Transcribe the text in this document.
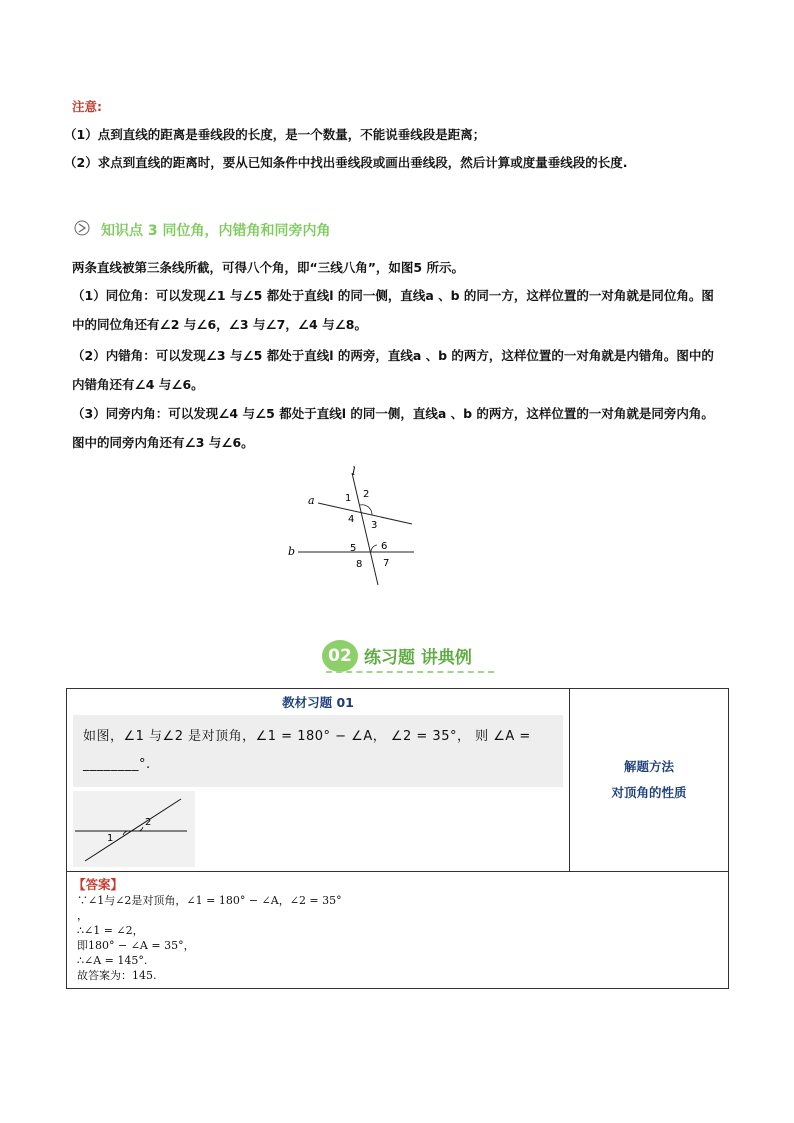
注意:
（1）点到直线的距离是垂线段的长度，是一个数量，不能说垂线段是距离；
（2）求点到直线的距离时，要从已知条件中找出垂线段或画出垂线段，然后计算或度量垂线段的长度.
知识点 3 同位角，内错角和同旁内角
两条直线被第三条线所截，可得八个角，即“三线八角”，如图5 所示。
（1）同位角：可以发现∠1 与∠5 都处于直线l 的同一侧，直线a 、b 的同一方，这样位置的一对角就是同位角。图中的同位角还有∠2 与∠6，∠3 与∠7，∠4 与∠8。
（2）内错角：可以发现∠3 与∠5 都处于直线l 的两旁，直线a 、b 的两方，这样位置的一对角就是内错角。图中的内错角还有∠4 与∠6。
（3）同旁内角：可以发现∠4 与∠5 都处于直线l 的同一侧，直线a 、b 的两方，这样位置的一对角就是同旁内角。图中的同旁内角还有∠3 与∠6。
l
a
b
1 2
3
4
5 6
7
8
02 练习题 讲典例
教材习题 01
如图，∠1 与∠2 是对顶角，∠1 = 180° − ∠A， ∠2 = 35°， 则 ∠A = ________°.
1
2

解题方法
对顶角的性质

【答案】
∵∠1与∠2是对顶角，∠1 = 180° − ∠A，∠2 = 35°
，
∴∠1 = ∠2，
即180° − ∠A = 35°，
∴∠A = 145°.
故答案为：145.
